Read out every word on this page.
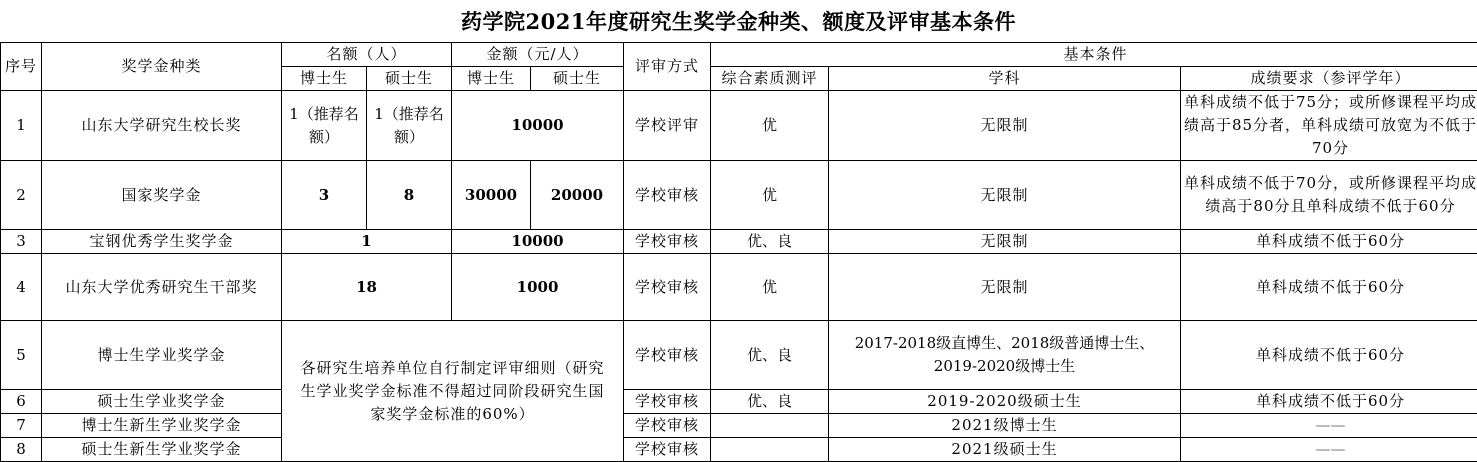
药学院2021年度研究生奖学金种类、额度及评审基本条件
序号	奖学金种类	名额（人）		金额（元/人）		评审方式	基本条件		
		博士生	硕士生	博士生	硕士生		综合素质测评	学科	成绩要求（参评学年）
1	山东大学研究生校长奖	1（推荐名额）	1（推荐名额）	10000		学校评审	优	无限制	单科成绩不低于75分；或所修课程平均成绩高于85分者，单科成绩可放宽为不低于70分
2	国家奖学金	3	8	30000	20000	学校审核	优	无限制	单科成绩不低于70分，或所修课程平均成绩高于80分且单科成绩不低于60分
3	宝钢优秀学生奖学金	1		10000		学校审核	优、良	无限制	单科成绩不低于60分
4	山东大学优秀研究生干部奖	18		1000		学校审核	优	无限制	单科成绩不低于60分
5	博士生学业奖学金	各研究生培养单位自行制定评审细则（研究生学业奖学金标准不得超过同阶段研究生国家奖学金标准的60%）				学校审核	优、良	2017-2018级直博生、2018级普通博士生、2019-2020级博士生	单科成绩不低于60分
6	硕士生学业奖学金					学校审核	优、良	2019-2020级硕士生	单科成绩不低于60分
7	博士生新生学业奖学金					学校审核		2021级博士生	——
8	硕士生新生学业奖学金					学校审核		2021级硕士生	——
